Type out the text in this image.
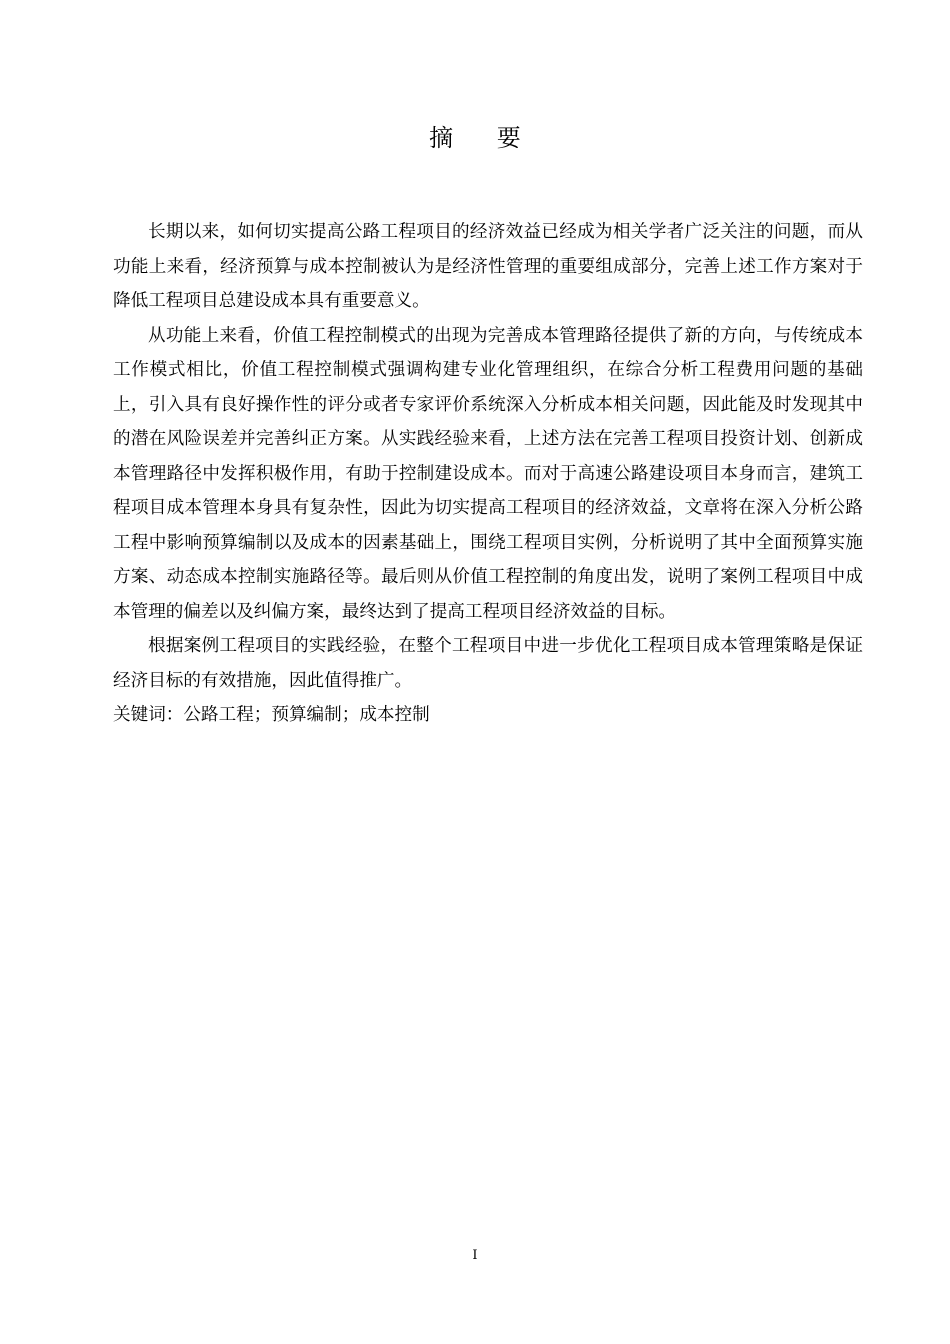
摘 要

长期以来，如何切实提高公路工程项目的经济效益已经成为相关学者广泛关注的问题，而从功能上来看，经济预算与成本控制被认为是经济性管理的重要组成部分，完善上述工作方案对于降低工程项目总建设成本具有重要意义。

从功能上来看，价值工程控制模式的出现为完善成本管理路径提供了新的方向，与传统成本工作模式相比，价值工程控制模式强调构建专业化管理组织，在综合分析工程费用问题的基础上，引入具有良好操作性的评分或者专家评价系统深入分析成本相关问题，因此能及时发现其中的潜在风险误差并完善纠正方案。从实践经验来看，上述方法在完善工程项目投资计划、创新成本管理路径中发挥积极作用，有助于控制建设成本。而对于高速公路建设项目本身而言，建筑工程项目成本管理本身具有复杂性，因此为切实提高工程项目的经济效益，文章将在深入分析公路工程中影响预算编制以及成本的因素基础上，围绕工程项目实例，分析说明了其中全面预算实施方案、动态成本控制实施路径等。最后则从价值工程控制的角度出发，说明了案例工程项目中成本管理的偏差以及纠偏方案，最终达到了提高工程项目经济效益的目标。

根据案例工程项目的实践经验，在整个工程项目中进一步优化工程项目成本管理策略是保证经济目标的有效措施，因此值得推广。

关键词：公路工程；预算编制；成本控制

I
